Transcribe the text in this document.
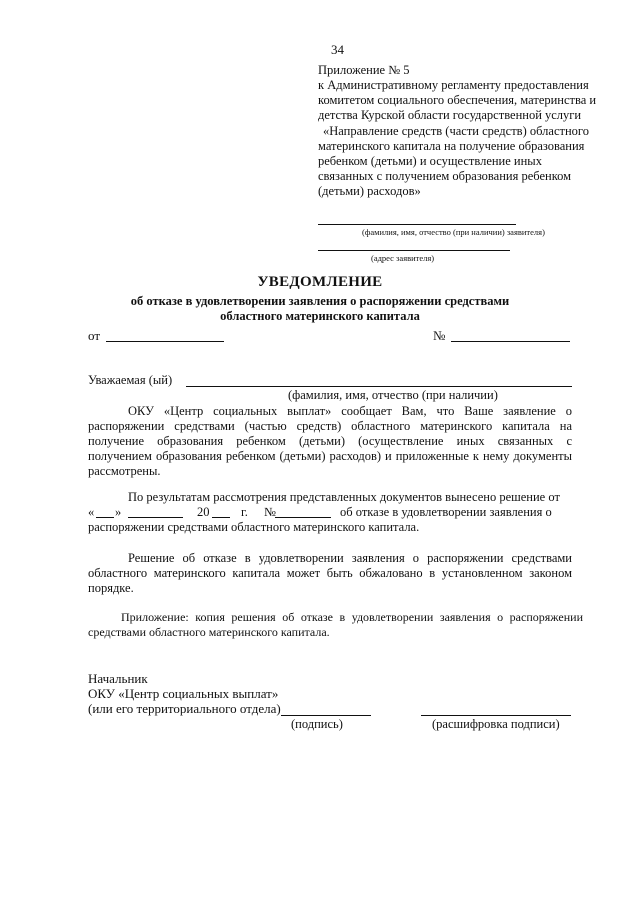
34
Приложение № 5
к Административному регламенту предоставления
комитетом социального обеспечения, материнства и
детства Курской области государственной услуги
«Направление средств (части средств) областного
материнского капитала на получение образования
ребенком (детьми) и осуществление иных
связанных с получением образования ребенком
(детьми) расходов»
(фамилия, имя, отчество (при наличии) заявителя)
(адрес заявителя)
УВЕДОМЛЕНИЕ
об отказе в удовлетворении заявления о распоряжении средствами
областного материнского капитала
от	№
Уважаемая (ый)
(фамилия, имя, отчество (при наличии)
ОКУ «Центр социальных выплат» сообщает Вам, что Ваше заявление о
распоряжении средствами (частью средств) областного материнского капитала на
получение образования ребенком (детьми) (осуществление иных связанных с
получением образования ребенком (детьми) расходов) и приложенные к нему документы
рассмотрены.
По результатам рассмотрения представленных документов вынесено решение от
« »	20	г. №	об отказе в удовлетворении заявления о
распоряжении средствами областного материнского капитала.
Решение об отказе в удовлетворении заявления о распоряжении средствами
областного материнского капитала может быть обжаловано в установленном законом
порядке.
Приложение: копия решения об отказе в удовлетворении заявления о распоряжении
средствами областного материнского капитала.
Начальник
ОКУ «Центр социальных выплат»
(или его территориального отдела)
(подпись)	(расшифровка подписи)
